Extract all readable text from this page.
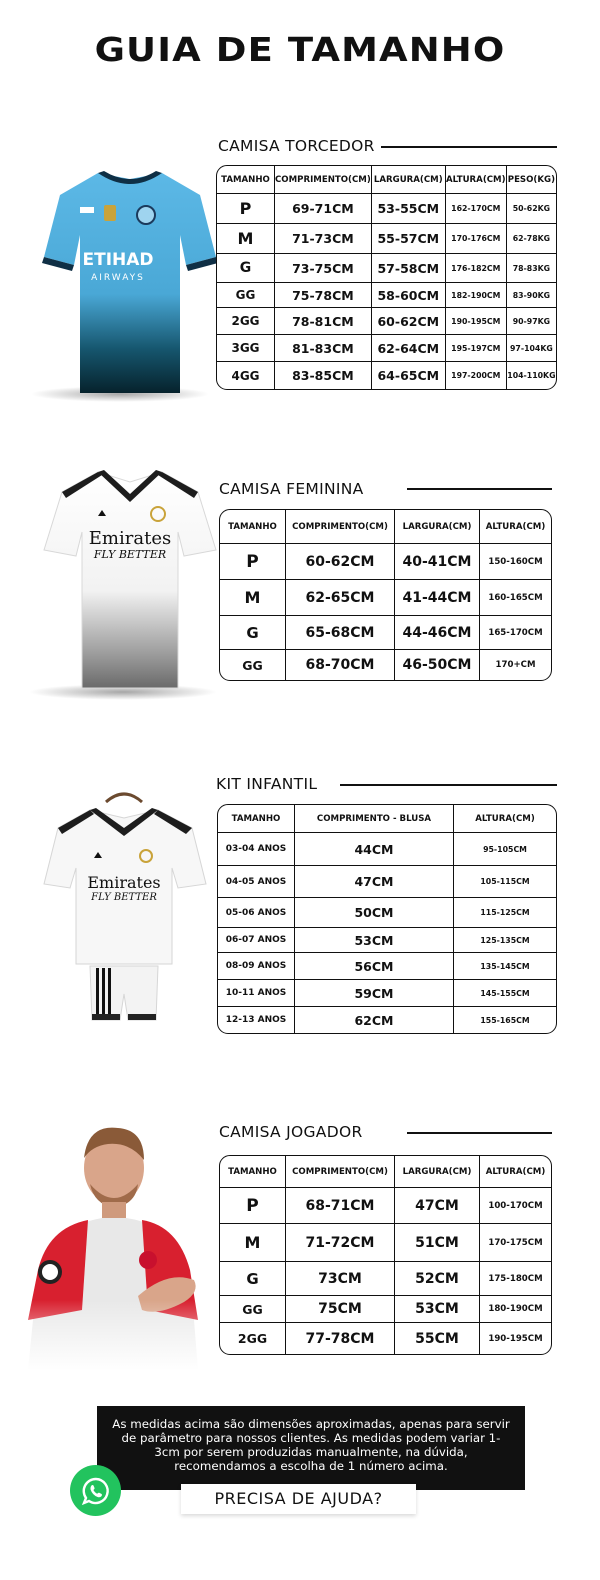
GUIA DE TAMANHO
ETIHAD
AIRWAYS
CAMISA TORCEDOR
TAMANHO	COMPRIMENTO(CM)	LARGURA(CM)	ALTURA(CM)	PESO(KG)
P	69-71CM	53-55CM	162-170CM	50-62KG
M	71-73CM	55-57CM	170-176CM	62-78KG
G	73-75CM	57-58CM	176-182CM	78-83KG
GG	75-78CM	58-60CM	182-190CM	83-90KG
2GG	78-81CM	60-62CM	190-195CM	90-97KG
3GG	81-83CM	62-64CM	195-197CM	97-104KG
4GG	83-85CM	64-65CM	197-200CM	104-110KG
Emirates
FLY BETTER
CAMISA FEMININA
TAMANHO	COMPRIMENTO(CM)	LARGURA(CM)	ALTURA(CM)
P	60-62CM	40-41CM	150-160CM
M	62-65CM	41-44CM	160-165CM
G	65-68CM	44-46CM	165-170CM
GG	68-70CM	46-50CM	170+CM
Emirates
FLY BETTER
KIT INFANTIL
TAMANHO	COMPRIMENTO - BLUSA	ALTURA(CM)
03-04 ANOS	44CM	95-105CM
04-05 ANOS	47CM	105-115CM
05-06 ANOS	50CM	115-125CM
06-07 ANOS	53CM	125-135CM
08-09 ANOS	56CM	135-145CM
10-11 ANOS	59CM	145-155CM
12-13 ANOS	62CM	155-165CM
CAMISA JOGADOR
TAMANHO	COMPRIMENTO(CM)	LARGURA(CM)	ALTURA(CM)
P	68-71CM	47CM	100-170CM
M	71-72CM	51CM	170-175CM
G	73CM	52CM	175-180CM
GG	75CM	53CM	180-190CM
2GG	77-78CM	55CM	190-195CM
As medidas acima são dimensões aproximadas, apenas para servir de parâmetro para nossos clientes. As medidas podem variar 1-3cm por serem produzidas manualmente, na dúvida, recomendamos a escolha de 1 número acima.
PRECISA DE AJUDA?
